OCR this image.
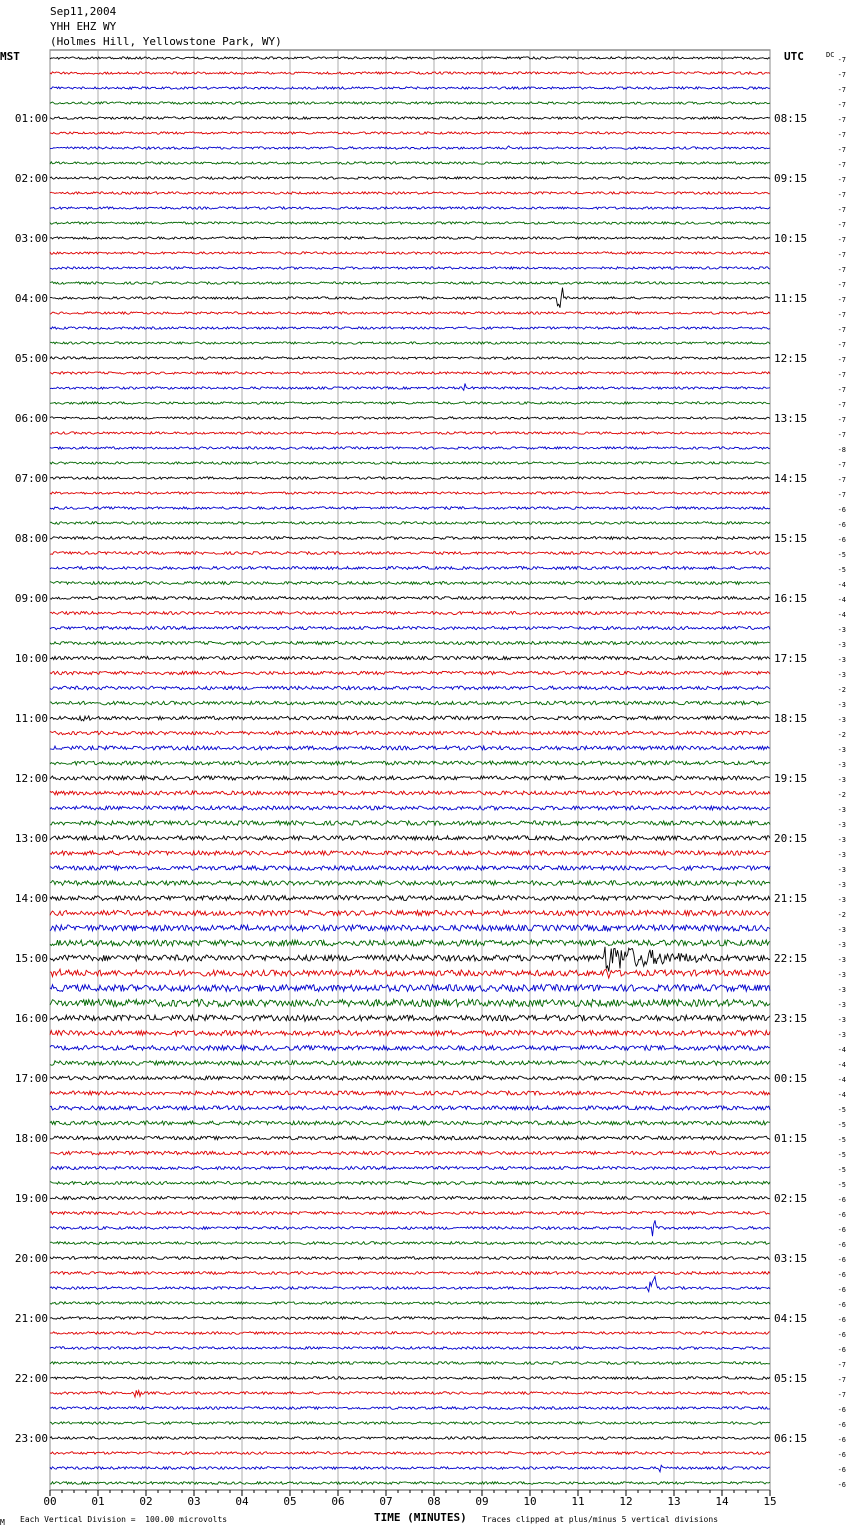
00	01	02	03	04	05	06	07	08	09	10	11	12	13	14	15
-7
-7
-7
-7
-7
-7
-7
-7
-7
-7
-7
-7
-7
-7
-7
-7
-7
-7
-7
-7
-7
-7
-7
-7
-7
-7
-8
-7
-7
-7
-6
-6
-6
-5
-5
-4
-4
-4
-3
-3
-3
-3
-2
-3
-3
-2
-3
-3
-3
-2
-3
-3
-3
-3
-3
-3
-3
-2
-3
-3
-3
-3
-3
-3
-3
-3
-4
-4
-4
-4
-5
-5
-5
-5
-5
-5
-6
-6
-6
-6
-6
-6
-6
-6
-6
-6
-6
-7
-7
-7
-6
-6
-6
-6
-6
-6
DC
01:00
02:00
03:00
04:00
05:00
06:00
07:00
08:00
09:00
10:00
11:00
12:00
13:00
14:00
15:00
16:00
17:00
18:00
19:00
20:00
21:00
22:00
23:00
08:15
09:15
10:15
11:15
12:15
13:15
14:15
15:15
16:15
17:15
18:15
19:15
20:15
21:15
22:15
23:15
00:15
01:15
02:15
03:15
04:15
05:15
06:15
Sep11,2004
YHH EHZ WY
(Holmes Hill, Yellowstone Park, WY)
MST	UTC
M Each Vertical Division =  100.00 microvolts	TIME (MINUTES) Traces clipped at plus/minus 5 vertical divisions
